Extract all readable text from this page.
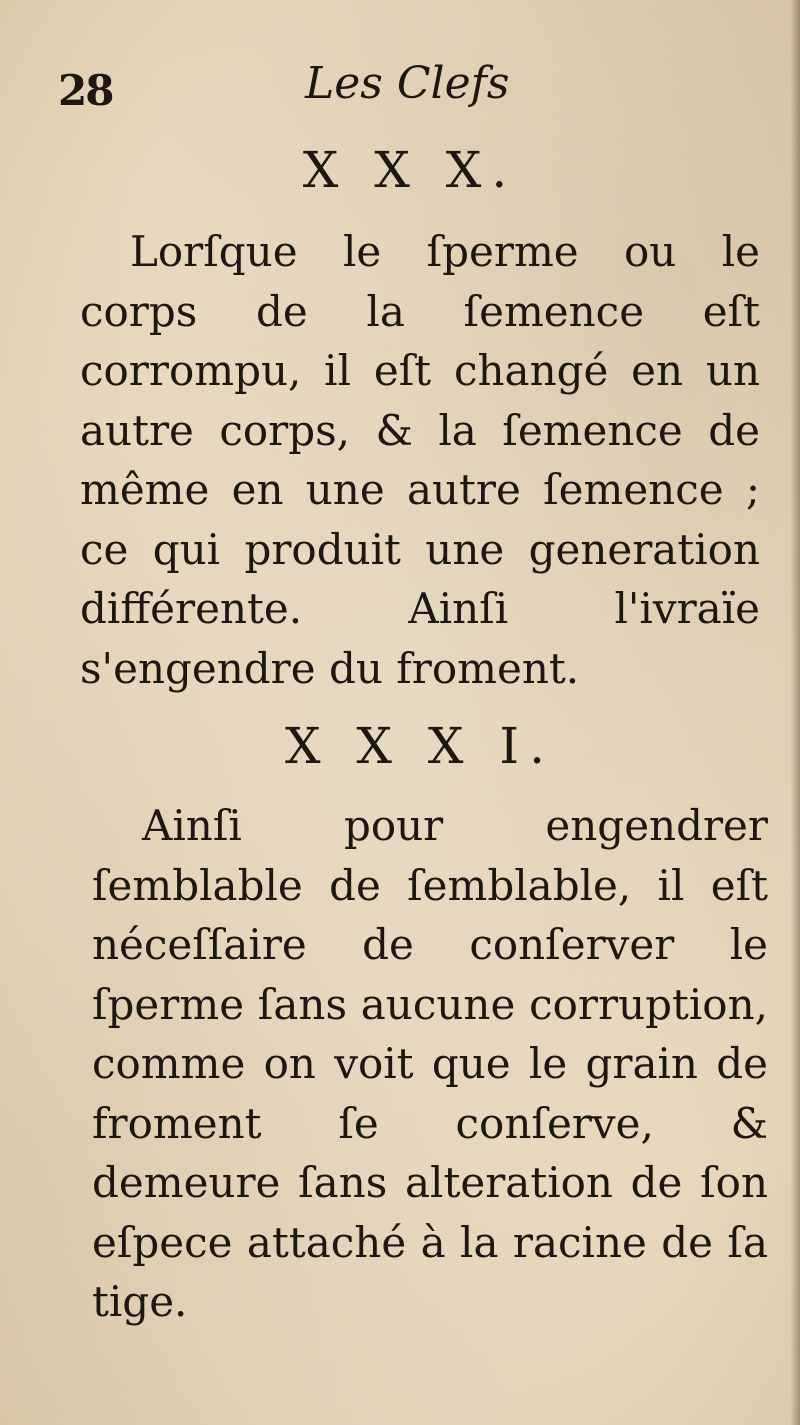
28	Les Clefs
X X X.

Lorſque le ſperme ou le corps de la ſemence eſt corrompu, il eſt changé en un autre corps, & la ſemence de même en une autre ſemence ; ce qui produit une generation différente. Ainſi l'ivraïe s'engendre du froment.

X X X I.

Ainſi pour engendrer ſemblable de ſemblable, il eſt néceſſaire de conſerver le ſperme ſans aucune corruption, comme on voit que le grain de froment ſe conſerve, & demeure ſans alteration de ſon eſpece attaché à la racine de ſa tige.
